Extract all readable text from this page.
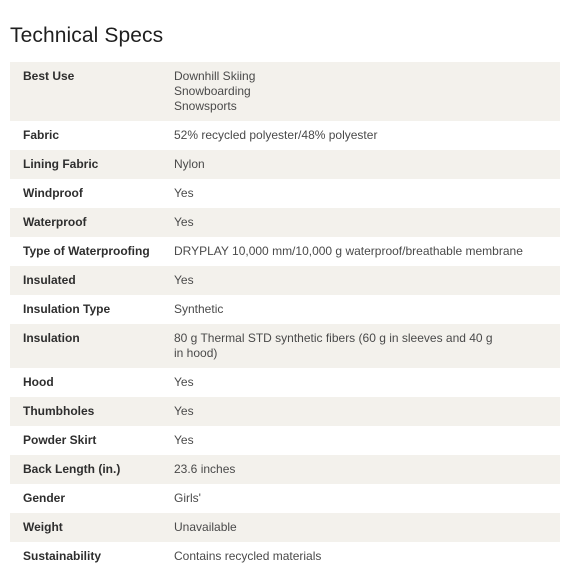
Technical Specs
Best Use	Downhill Skiing
Snowboarding
Snowsports
Fabric	52% recycled polyester/48% polyester
Lining Fabric	Nylon
Windproof	Yes
Waterproof	Yes
Type of Waterproofing	DRYPLAY 10,000 mm/10,000 g waterproof/breathable membrane
Insulated	Yes
Insulation Type	Synthetic
Insulation	80 g Thermal STD synthetic fibers (60 g in sleeves and 40 g
in hood)
Hood	Yes
Thumbholes	Yes
Powder Skirt	Yes
Back Length (in.)	23.6 inches
Gender	Girls'
Weight	Unavailable
Sustainability	Contains recycled materials
